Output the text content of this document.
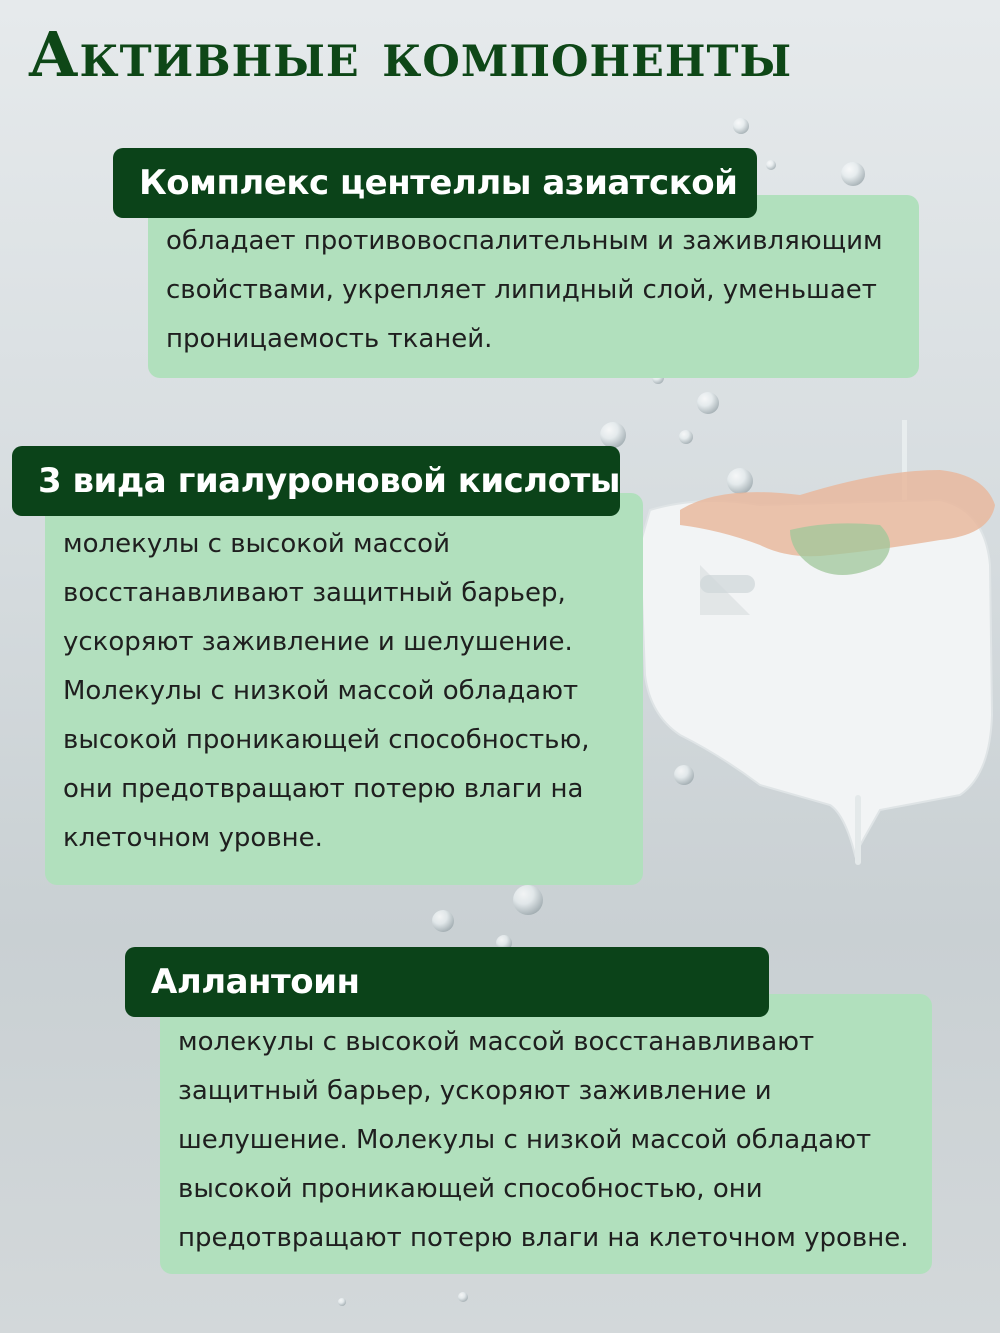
Активные компоненты
обладает противовоспалительным и заживляющим
свойствами, укрепляет липидный слой, уменьшает
проницаемость тканей.
Комплекс центеллы азиатской
молекулы с высокой массой
восстанавливают защитный барьер,
ускоряют заживление и шелушение.
Молекулы с низкой массой обладают
высокой проникающей способностью,
они предотвращают потерю влаги на
клеточном уровне.
3 вида гиалуроновой кислоты
молекулы с высокой массой восстанавливают
защитный барьер, ускоряют заживление и
шелушение. Молекулы с низкой массой обладают
высокой проникающей способностью, они
предотвращают потерю влаги на клеточном уровне.
Аллантоин
